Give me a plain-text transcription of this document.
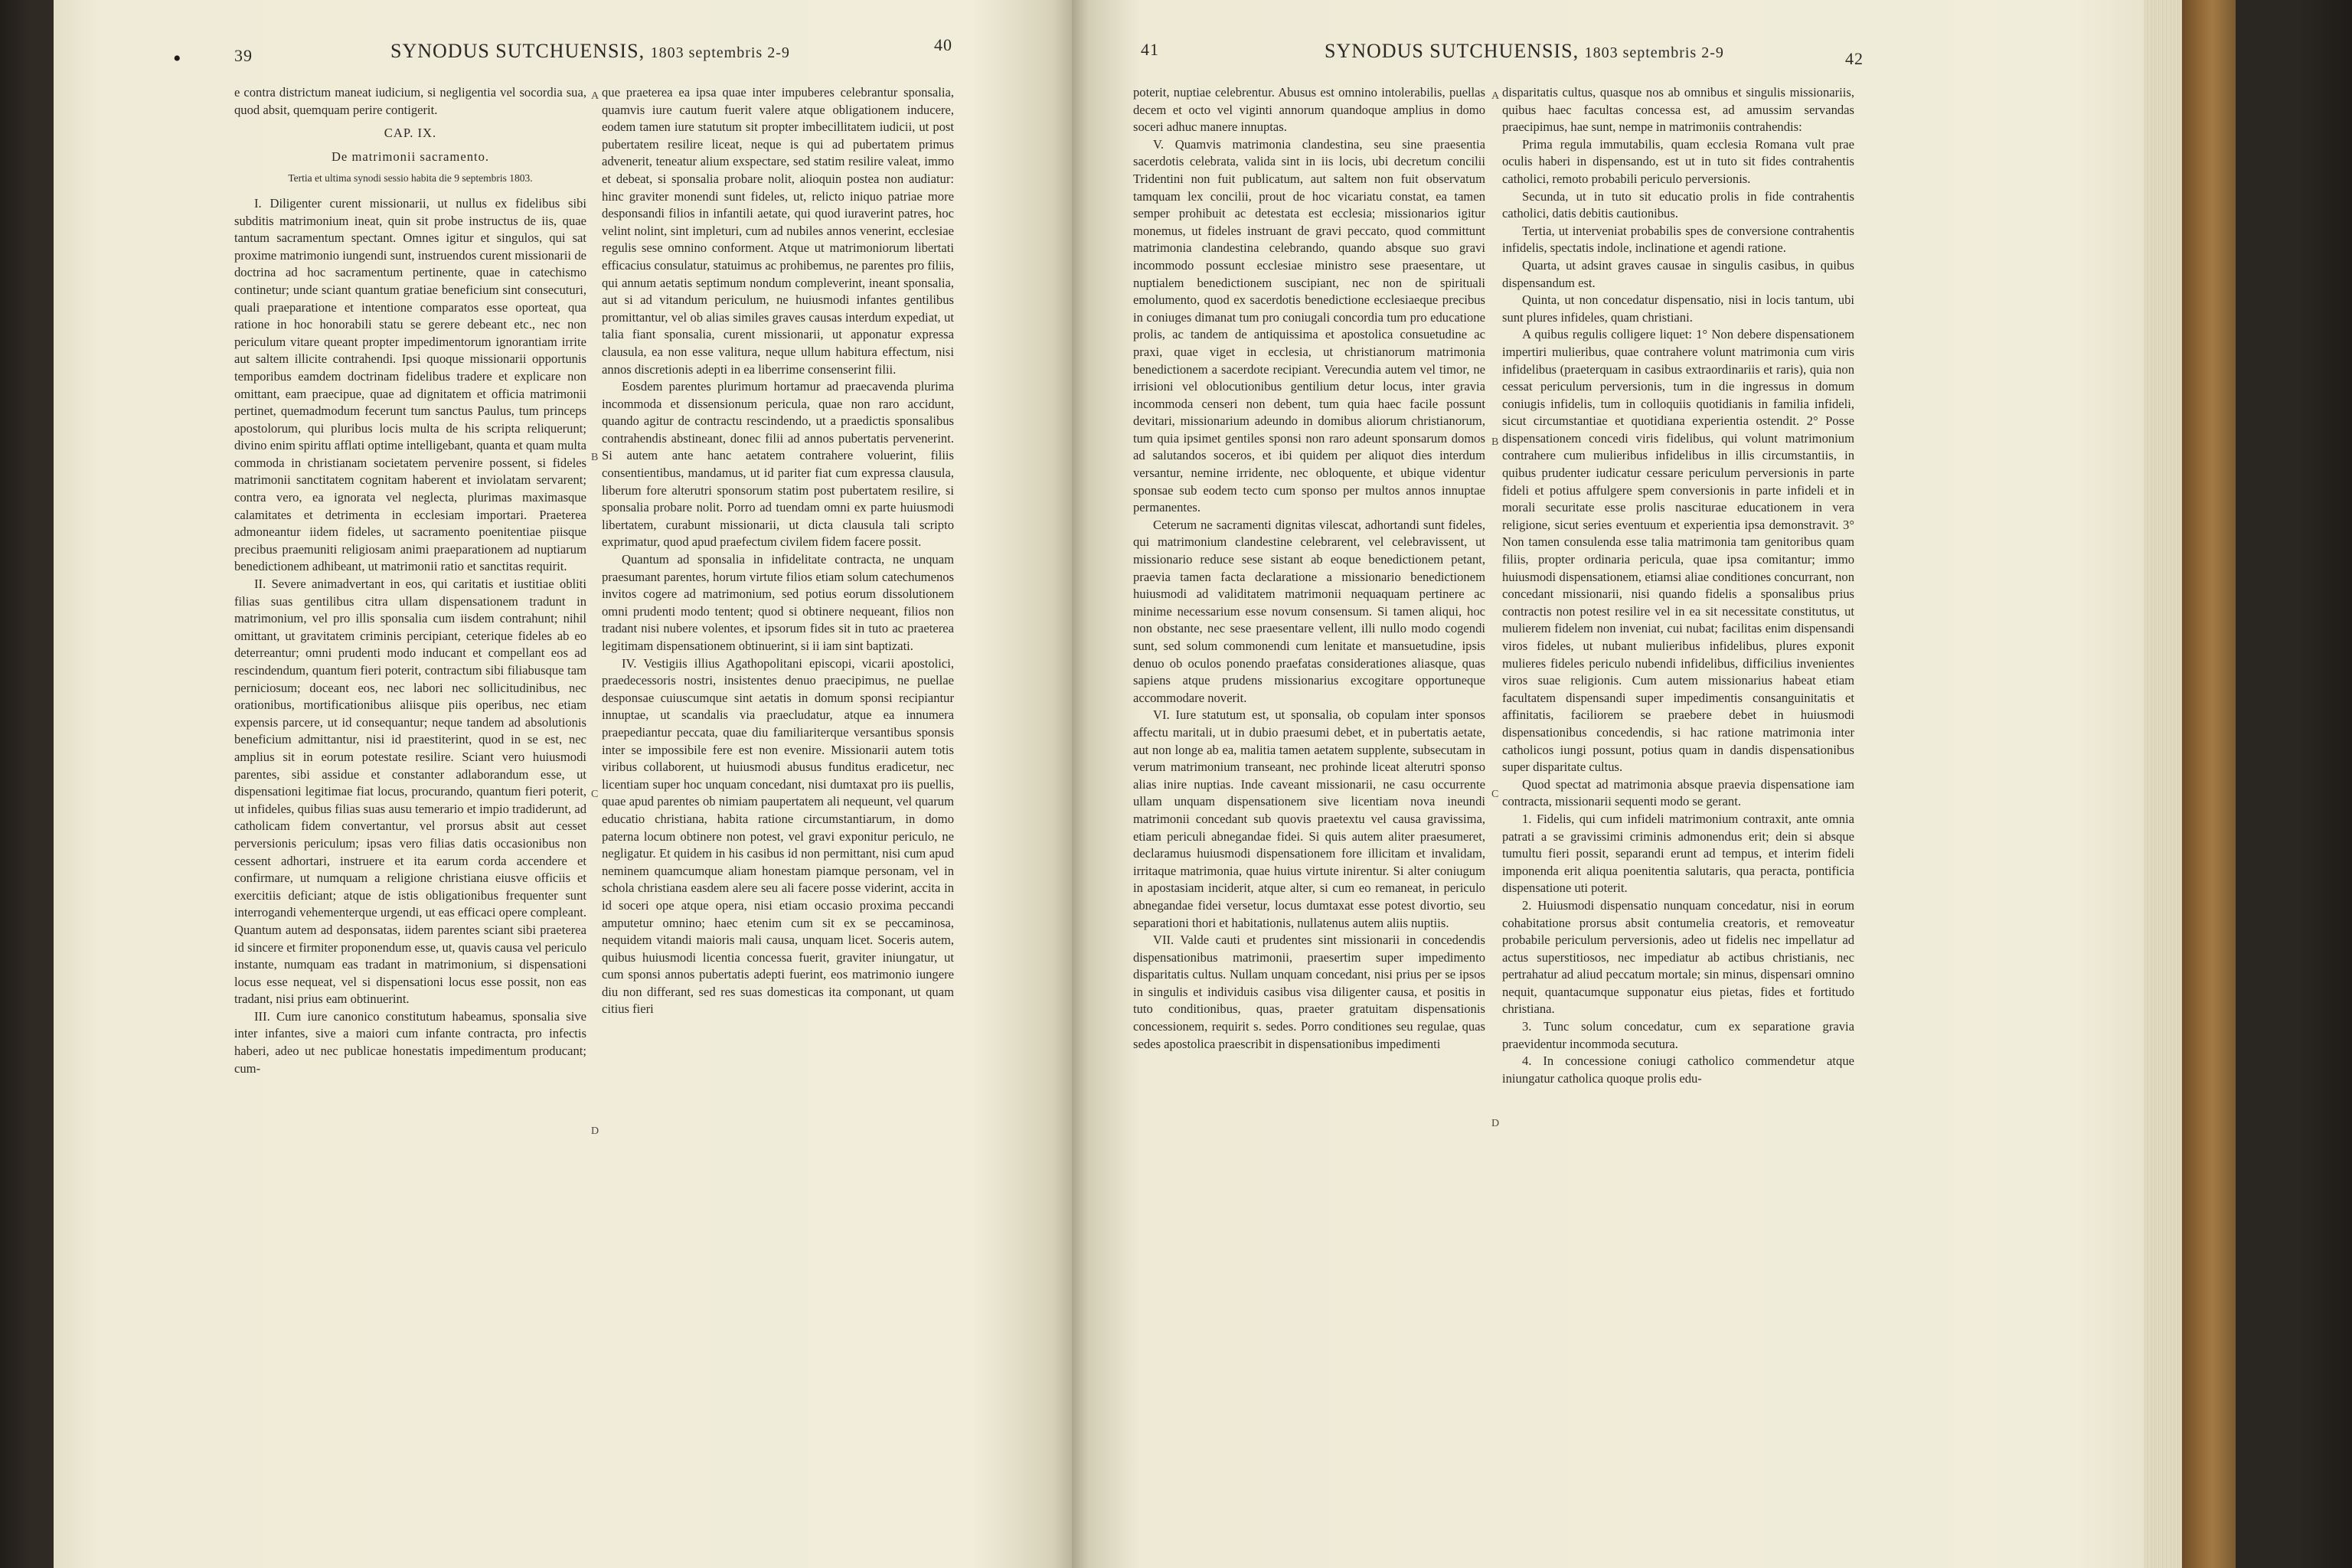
39	SYNODUS SUTCHUENSIS, 1803 septembris 2-9	40

e contra districtum maneat iudicium, si negligentia vel socordia sua, quod absit, quemquam perire contigerit.

CAP. IX.

De matrimonii sacramento.

Tertia et ultima synodi sessio habita die 9 septembris 1803.

I. Diligenter curent missionarii, ut nullus ex fidelibus sibi subditis matrimonium ineat, quin sit probe instructus de iis, quae tantum sacramentum spectant. Omnes igitur et singulos, qui sat proxime matrimonio iungendi sunt, instruendos curent missionarii de doctrina ad hoc sacramentum pertinente, quae in catechismo continetur; unde sciant quantum gratiae beneficium sint consecuturi, quali praeparatione et intentione comparatos esse oporteat, qua ratione in hoc honorabili statu se gerere debeant etc., nec non periculum vitare queant propter impedimentorum ignorantiam irrite aut saltem illicite contrahendi. Ipsi quoque missionarii opportunis temporibus eamdem doctrinam fidelibus tradere et explicare non omittant, eam praecipue, quae ad dignitatem et officia matrimonii pertinet, quemadmodum fecerunt tum sanctus Paulus, tum princeps apostolorum, qui pluribus locis multa de his scripta reliquerunt; divino enim spiritu afflati optime intelligebant, quanta et quam multa commoda in christianam societatem pervenire possent, si fideles matrimonii sanctitatem cognitam haberent et inviolatam servarent; contra vero, ea ignorata vel neglecta, plurimas maximasque calamitates et detrimenta in ecclesiam importari. Praeterea admoneantur iidem fideles, ut sacramento poenitentiae piisque precibus praemuniti religiosam animi praeparationem ad nuptiarum benedictionem adhibeant, ut matrimonii ratio et sanctitas requirit.

II. Severe animadvertant in eos, qui caritatis et iustitiae obliti filias suas gentilibus citra ullam dispensationem tradunt in matrimonium, vel pro illis sponsalia cum iisdem contrahunt; nihil omittant, ut gravitatem criminis percipiant, ceterique fideles ab eo deterreantur; omni prudenti modo inducant et compellant eos ad rescindendum, quantum fieri poterit, contractum sibi filiabusque tam perniciosum; doceant eos, nec labori nec sollicitudinibus, nec orationibus, mortificationibus aliisque piis operibus, nec etiam expensis parcere, ut id consequantur; neque tandem ad absolutionis beneficium admittantur, nisi id praestiterint, quod in se est, nec amplius sit in eorum potestate resilire. Sciant vero huiusmodi parentes, sibi assidue et constanter adlaborandum esse, ut dispensationi legitimae fiat locus, procurando, quantum fieri poterit, ut infideles, quibus filias suas ausu temerario et impio tradiderunt, ad catholicam fidem convertantur, vel prorsus absit aut cesset perversionis periculum; ipsas vero filias datis occasionibus non cessent adhortari, instruere et ita earum corda accendere et confirmare, ut numquam a religione christiana eiusve officiis et exercitiis deficiant; atque de istis obligationibus frequenter sunt interrogandi vehementerque urgendi, ut eas efficaci opere compleant. Quantum autem ad desponsatas, iidem parentes sciant sibi praeterea id sincere et firmiter proponendum esse, ut, quavis causa vel periculo instante, numquam eas tradant in matrimonium, si dispensationi locus esse nequeat, vel si dispensationi locus esse possit, non eas tradant, nisi prius eam obtinuerint.

III. Cum iure canonico constitutum habeamus, sponsalia sive inter infantes, sive a maiori cum infante contracta, pro infectis haberi, adeo ut nec publicae honestatis impedimentum producant; cum-

que praeterea ea ipsa quae inter impuberes celebrantur sponsalia, quamvis iure cautum fuerit valere atque obligationem inducere, eodem tamen iure statutum sit propter imbecillitatem iudicii, ut post pubertatem resilire liceat, neque is qui ad pubertatem primus advenerit, teneatur alium exspectare, sed statim resilire valeat, immo et debeat, si sponsalia probare nolit, alioquin postea non audiatur: hinc graviter monendi sunt fideles, ut, relicto iniquo patriae more desponsandi filios in infantili aetate, qui quod iuraverint patres, hoc velint nolint, sint impleturi, cum ad nubiles annos venerint, ecclesiae regulis sese omnino conforment. Atque ut matrimoniorum libertati efficacius consulatur, statuimus ac prohibemus, ne parentes pro filiis, qui annum aetatis septimum nondum compleverint, ineant sponsalia, aut si ad vitandum periculum, ne huiusmodi infantes gentilibus promittantur, vel ob alias similes graves causas interdum expediat, ut talia fiant sponsalia, curent missionarii, ut apponatur expressa clausula, ea non esse valitura, neque ullum habitura effectum, nisi annos discretionis adepti in ea liberrime consenserint filii.

Eosdem parentes plurimum hortamur ad praecavenda plurima incommoda et dissensionum pericula, quae non raro accidunt, quando agitur de contractu rescindendo, ut a praedictis sponsalibus contrahendis abstineant, donec filii ad annos pubertatis pervenerint. Si autem ante hanc aetatem contrahere voluerint, filiis consentientibus, mandamus, ut id pariter fiat cum expressa clausula, liberum fore alterutri sponsorum statim post pubertatem resilire, si sponsalia probare nolit. Porro ad tuendam omni ex parte huiusmodi libertatem, curabunt missionarii, ut dicta clausula tali scripto exprimatur, quod apud praefectum civilem fidem facere possit.

Quantum ad sponsalia in infidelitate contracta, ne unquam praesumant parentes, horum virtute filios etiam solum catechumenos invitos cogere ad matrimonium, sed potius eorum dissolutionem omni prudenti modo tentent; quod si obtinere nequeant, filios non tradant nisi nubere volentes, et ipsorum fides sit in tuto ac praeterea legitimam dispensationem obtinuerint, si ii iam sint baptizati.

IV. Vestigiis illius Agathopolitani episcopi, vicarii apostolici, praedecessoris nostri, insistentes denuo praecipimus, ne puellae desponsae cuiuscumque sint aetatis in domum sponsi recipiantur innuptae, ut scandalis via praecludatur, atque ea innumera praepediantur peccata, quae diu familiariterque versantibus sponsis inter se impossibile fere est non evenire. Missionarii autem totis viribus collaborent, ut huiusmodi abusus funditus eradicetur, nec licentiam super hoc unquam concedant, nisi dumtaxat pro iis puellis, quae apud parentes ob nimiam paupertatem ali nequeunt, vel quarum educatio christiana, habita ratione circumstantiarum, in domo paterna locum obtinere non potest, vel gravi exponitur periculo, ne negligatur. Et quidem in his casibus id non permittant, nisi cum apud neminem quamcumque aliam honestam piamque personam, vel in schola christiana easdem alere seu ali facere posse viderint, accita in id soceri ope atque opera, nisi etiam occasio proxima peccandi amputetur omnino; haec etenim cum sit ex se peccaminosa, nequidem vitandi maioris mali causa, unquam licet. Soceris autem, quibus huiusmodi licentia concessa fuerit, graviter iniungatur, ut cum sponsi annos pubertatis adepti fuerint, eos matrimonio iungere diu non differant, sed res suas domesticas ita componant, ut quam citius fieri

A
B
C
D
•	41	SYNODUS SUTCHUENSIS, 1803 septembris 2-9	42

poterit, nuptiae celebrentur. Abusus est omnino intolerabilis, puellas decem et octo vel viginti annorum quandoque amplius in domo soceri adhuc manere innuptas.

V. Quamvis matrimonia clandestina, seu sine praesentia sacerdotis celebrata, valida sint in iis locis, ubi decretum concilii Tridentini non fuit publicatum, aut saltem non fuit observatum tamquam lex concilii, prout de hoc vicariatu constat, ea tamen semper prohibuit ac detestata est ecclesia; missionarios igitur monemus, ut fideles instruant de gravi peccato, quod committunt matrimonia clandestina celebrando, quando absque suo gravi incommodo possunt ecclesiae ministro sese praesentare, ut nuptialem benedictionem suscipiant, nec non de spirituali emolumento, quod ex sacerdotis benedictione ecclesiaeque precibus in coniuges dimanat tum pro coniugali concordia tum pro educatione prolis, ac tandem de antiquissima et apostolica consuetudine ac praxi, quae viget in ecclesia, ut christianorum matrimonia benedictionem a sacerdote recipiant. Verecundia autem vel timor, ne irrisioni vel oblocutionibus gentilium detur locus, inter gravia incommoda censeri non debent, tum quia haec facile possunt devitari, missionarium adeundo in domibus aliorum christianorum, tum quia ipsimet gentiles sponsi non raro adeunt sponsarum domos ad salutandos soceros, et ibi quidem per aliquot dies interdum versantur, nemine irridente, nec obloquente, et ubique videntur sponsae sub eodem tecto cum sponso per multos annos innuptae permanentes.

Ceterum ne sacramenti dignitas vilescat, adhortandi sunt fideles, qui matrimonium clandestine celebrarent, vel celebravissent, ut missionario reduce sese sistant ab eoque benedictionem petant, praevia tamen facta declaratione a missionario benedictionem huiusmodi ad validitatem matrimonii nequaquam pertinere ac minime necessarium esse novum consensum. Si tamen aliqui, hoc non obstante, nec sese praesentare vellent, illi nullo modo cogendi sunt, sed solum commonendi cum lenitate et mansuetudine, ipsis denuo ob oculos ponendo praefatas considerationes aliasque, quas sapiens atque prudens missionarius excogitare opportuneque accommodare noverit.

VI. Iure statutum est, ut sponsalia, ob copulam inter sponsos affectu maritali, ut in dubio praesumi debet, et in pubertatis aetate, aut non longe ab ea, malitia tamen aetatem supplente, subsecutam in verum matrimonium transeant, nec prohinde liceat alterutri sponso alias inire nuptias. Inde caveant missionarii, ne casu occurrente ullam unquam dispensationem sive licentiam nova ineundi matrimonii concedant sub quovis praetextu vel causa gravissima, etiam periculi abnegandae fidei. Si quis autem aliter praesumeret, declaramus huiusmodi dispensationem fore illicitam et invalidam, irritaque matrimonia, quae huius virtute inirentur. Si alter coniugum in apostasiam inciderit, atque alter, si cum eo remaneat, in periculo abnegandae fidei versetur, locus dumtaxat esse potest divortio, seu separationi thori et habitationis, nullatenus autem aliis nuptiis.

VII. Valde cauti et prudentes sint missionarii in concedendis dispensationibus matrimonii, praesertim super impedimento disparitatis cultus. Nullam unquam concedant, nisi prius per se ipsos in singulis et individuis casibus visa diligenter causa, et positis in tuto conditionibus, quas, praeter gratuitam dispensationis concessionem, requirit s. sedes. Porro conditiones seu regulae, quas sedes apostolica praescribit in dispensationibus impedimenti

disparitatis cultus, quasque nos ab omnibus et singulis missionariis, quibus haec facultas concessa est, ad amussim servandas praecipimus, hae sunt, nempe in matrimoniis contrahendis:

Prima regula immutabilis, quam ecclesia Romana vult prae oculis haberi in dispensando, est ut in tuto sit fides contrahentis catholici, remoto probabili periculo perversionis.

Secunda, ut in tuto sit educatio prolis in fide contrahentis catholici, datis debitis cautionibus.

Tertia, ut interveniat probabilis spes de conversione contrahentis infidelis, spectatis indole, inclinatione et agendi ratione.

Quarta, ut adsint graves causae in singulis casibus, in quibus dispensandum est.

Quinta, ut non concedatur dispensatio, nisi in locis tantum, ubi sunt plures infideles, quam christiani.

A quibus regulis colligere liquet: 1° Non debere dispensationem impertiri mulieribus, quae contrahere volunt matrimonia cum viris infidelibus (praeterquam in casibus extraordinariis et raris), quia non cessat periculum perversionis, tum in die ingressus in domum coniugis infidelis, tum in colloquiis quotidianis in familia infideli, sicut circumstantiae et quotidiana experientia ostendit. 2° Posse dispensationem concedi viris fidelibus, qui volunt matrimonium contrahere cum mulieribus infidelibus in illis circumstantiis, in quibus prudenter iudicatur cessare periculum perversionis in parte fideli et potius affulgere spem conversionis in parte infideli et in morali securitate esse prolis nasciturae educationem in vera religione, sicut series eventuum et experientia ipsa demonstravit. 3° Non tamen consulenda esse talia matrimonia tam genitoribus quam filiis, propter ordinaria pericula, quae ipsa comitantur; immo huiusmodi dispensationem, etiamsi aliae conditiones concurrant, non concedant missionarii, nisi quando fidelis a sponsalibus prius contractis non potest resilire vel in ea sit necessitate constitutus, ut mulierem fidelem non inveniat, cui nubat; facilitas enim dispensandi viros fideles, ut nubant mulieribus infidelibus, plures exponit mulieres fideles periculo nubendi infidelibus, difficilius invenientes viros suae religionis. Cum autem missionarius habeat etiam facultatem dispensandi super impedimentis consanguinitatis et affinitatis, faciliorem se praebere debet in huiusmodi dispensationibus concedendis, si hac ratione matrimonia inter catholicos iungi possunt, potius quam in dandis dispensationibus super disparitate cultus.

Quod spectat ad matrimonia absque praevia dispensatione iam contracta, missionarii sequenti modo se gerant.

1. Fidelis, qui cum infideli matrimonium contraxit, ante omnia patrati a se gravissimi criminis admonendus erit; dein si absque tumultu fieri possit, separandi erunt ad tempus, et interim fideli imponenda erit aliqua poenitentia salutaris, qua peracta, pontificia dispensatione uti poterit.

2. Huiusmodi dispensatio nunquam concedatur, nisi in eorum cohabitatione prorsus absit contumelia creatoris, et removeatur probabile periculum perversionis, adeo ut fidelis nec impellatur ad actus superstitiosos, nec impediatur ab actibus christianis, nec pertrahatur ad aliud peccatum mortale; sin minus, dispensari omnino nequit, quantacumque supponatur eius pietas, fides et fortitudo christiana.

3. Tunc solum concedatur, cum ex separatione gravia praevidentur incommoda secutura.

4. In concessione coniugi catholico commendetur atque iniungatur catholica quoque prolis edu-

A
B
C
D
